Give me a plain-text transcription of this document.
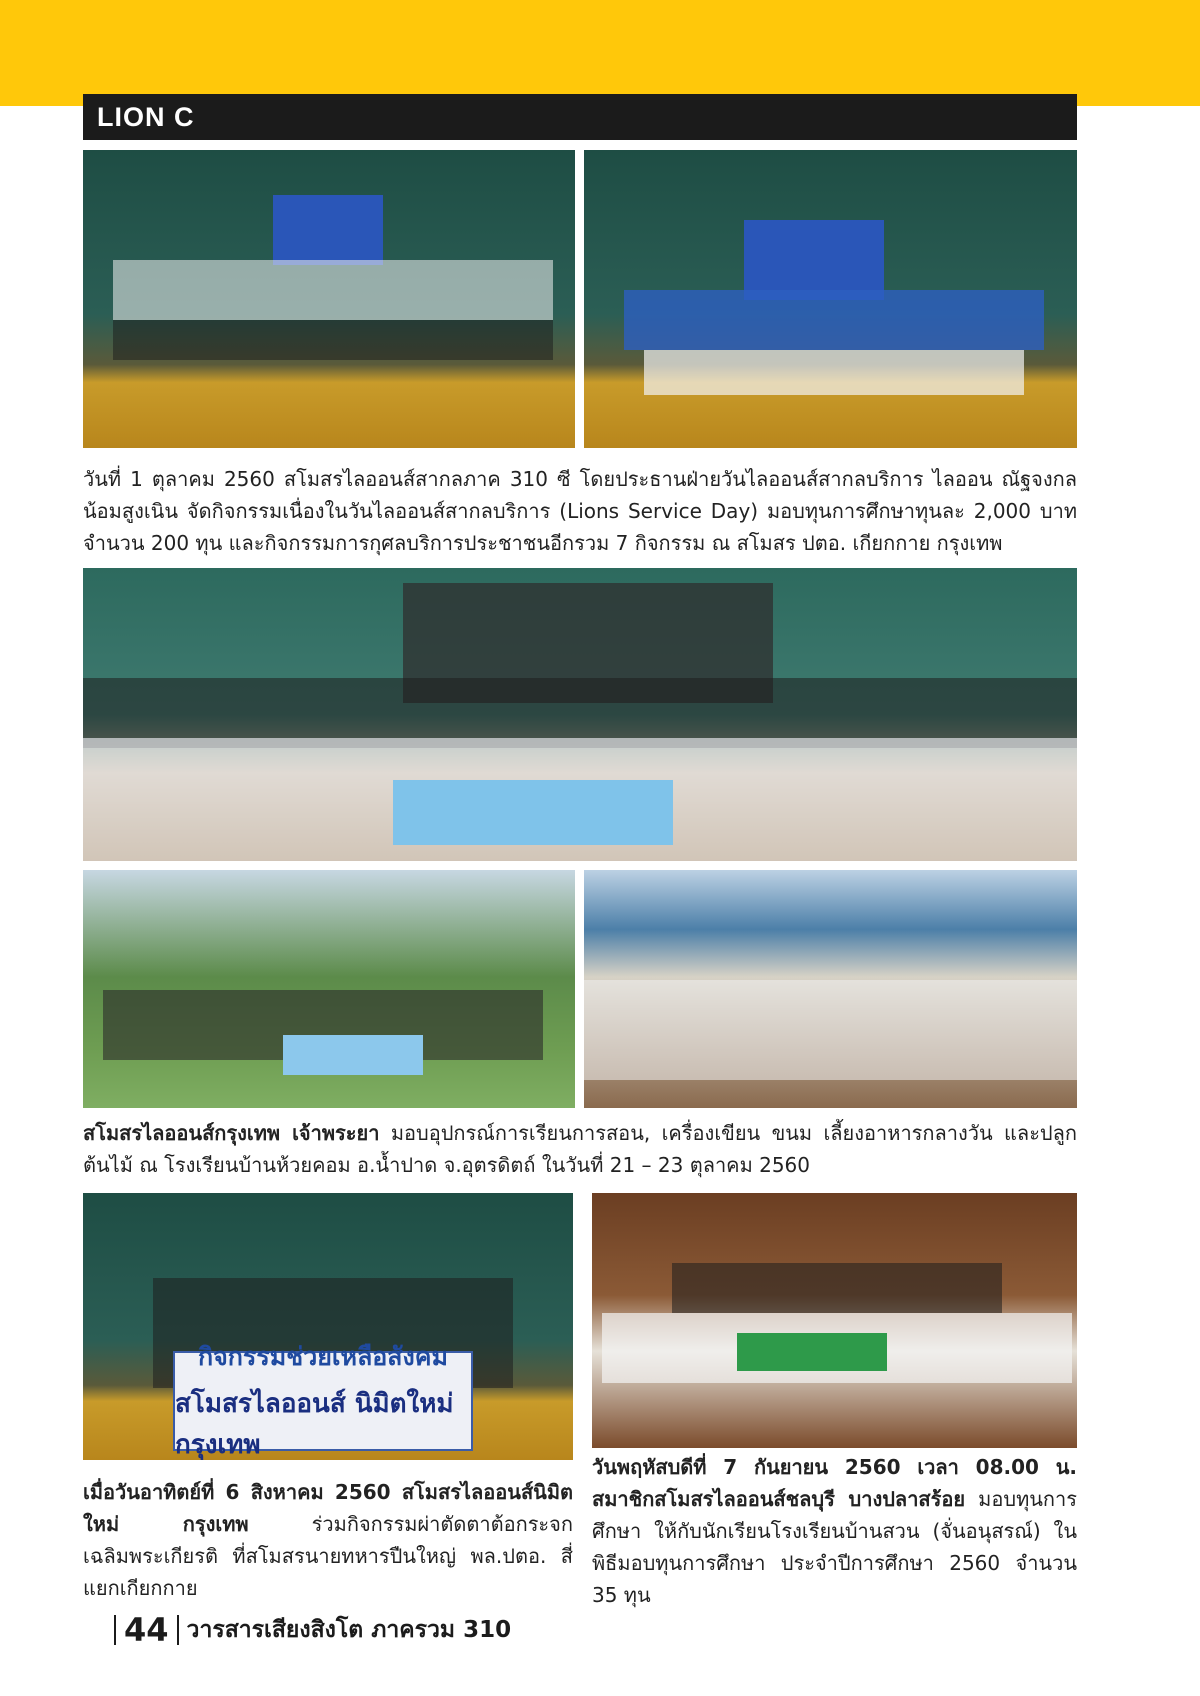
LION C
วันที่ 1 ตุลาคม 2560 สโมสรไลออนส์สากลภาค 310 ซี โดยประธานฝ่ายวันไลออนส์สากลบริการ ไลออน ณัฐจงกล น้อมสูงเนิน จัดกิจกรรมเนื่องในวันไลออนส์สากลบริการ (Lions Service Day) มอบทุนการศึกษาทุนละ 2,000 บาท จำนวน 200 ทุน และกิจกรรมการกุศลบริการประชาชนอีกรวม 7 กิจกรรม ณ สโมสร ปตอ. เกียกกาย กรุงเทพ
สโมสรไลออนส์กรุงเทพ เจ้าพระยา มอบอุปกรณ์การเรียนการสอน, เครื่องเขียน ขนม เลี้ยงอาหารกลางวัน และปลูกต้นไม้ ณ โรงเรียนบ้านห้วยคอม อ.น้ำปาด จ.อุตรดิตถ์ ในวันที่ 21 – 23 ตุลาคม 2560
กิจกรรมช่วยเหลือสังคม
สโมสรไลออนส์ นิมิตใหม่ กรุงเทพ
เมื่อวันอาทิตย์ที่ 6 สิงหาคม 2560 สโมสรไลออนส์นิมิตใหม่ กรุงเทพ ร่วมกิจกรรมผ่าตัดตาต้อกระจกเฉลิมพระเกียรติ ที่สโมสรนายทหารปืนใหญ่ พล.ปตอ. สี่แยกเกียกกาย
วันพฤหัสบดีที่ 7 กันยายน 2560 เวลา 08.00 น. สมาชิกสโมสรไลออนส์ชลบุรี บางปลาสร้อย มอบทุนการศึกษา ให้กับนักเรียนโรงเรียนบ้านสวน (จั่นอนุสรณ์) ในพิธีมอบทุนการศึกษา ประจำปีการศึกษา 2560 จำนวน 35 ทุน
44 วารสารเสียงสิงโต ภาครวม 310
